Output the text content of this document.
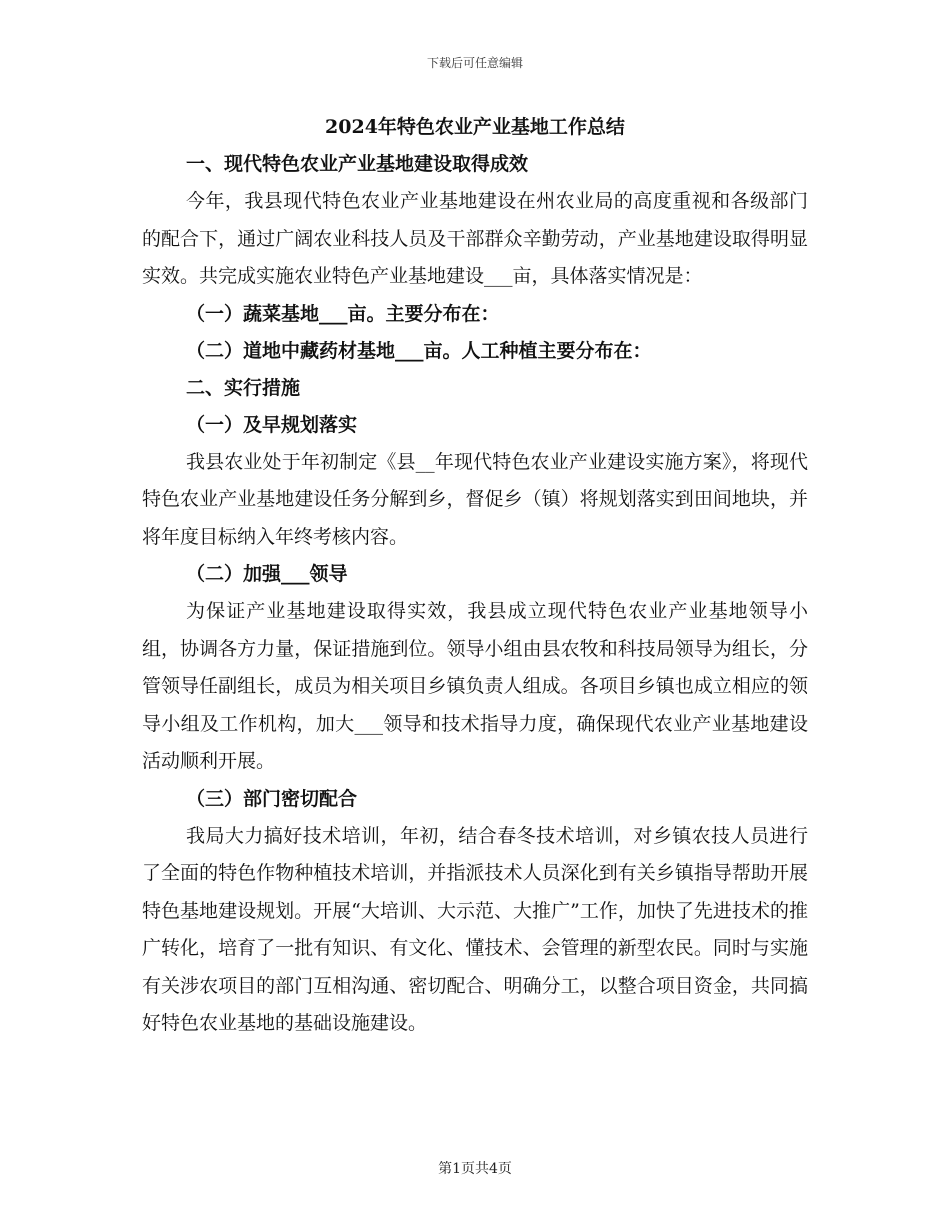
下载后可任意编辑
2024年特色农业产业基地工作总结

一、现代特色农业产业基地建设取得成效

今年，我县现代特色农业产业基地建设在州农业局的高度重视和各级部门的配合下，通过广阔农业科技人员及干部群众辛勤劳动，产业基地建设取得明显实效。共完成实施农业特色产业基地建设___亩，具体落实情况是：

（一）蔬菜基地___亩。主要分布在：

（二）道地中藏药材基地___亩。人工种植主要分布在：

二、实行措施

（一）及早规划落实

我县农业处于年初制定《县__年现代特色农业产业建设实施方案》，将现代特色农业产业基地建设任务分解到乡，督促乡（镇）将规划落实到田间地块，并将年度目标纳入年终考核内容。

（二）加强___领导

为保证产业基地建设取得实效，我县成立现代特色农业产业基地领导小组，协调各方力量，保证措施到位。领导小组由县农牧和科技局领导为组长，分管领导任副组长，成员为相关项目乡镇负责人组成。各项目乡镇也成立相应的领导小组及工作机构，加大___领导和技术指导力度，确保现代农业产业基地建设活动顺利开展。

（三）部门密切配合

我局大力搞好技术培训，年初，结合春冬技术培训，对乡镇农技人员进行了全面的特色作物种植技术培训，并指派技术人员深化到有关乡镇指导帮助开展特色基地建设规划。开展“大培训、大示范、大推广”工作，加快了先进技术的推广转化，培育了一批有知识、有文化、懂技术、会管理的新型农民。同时与实施有关涉农项目的部门互相沟通、密切配合、明确分工，以整合项目资金，共同搞好特色农业基地的基础设施建设。

第1页共4页
